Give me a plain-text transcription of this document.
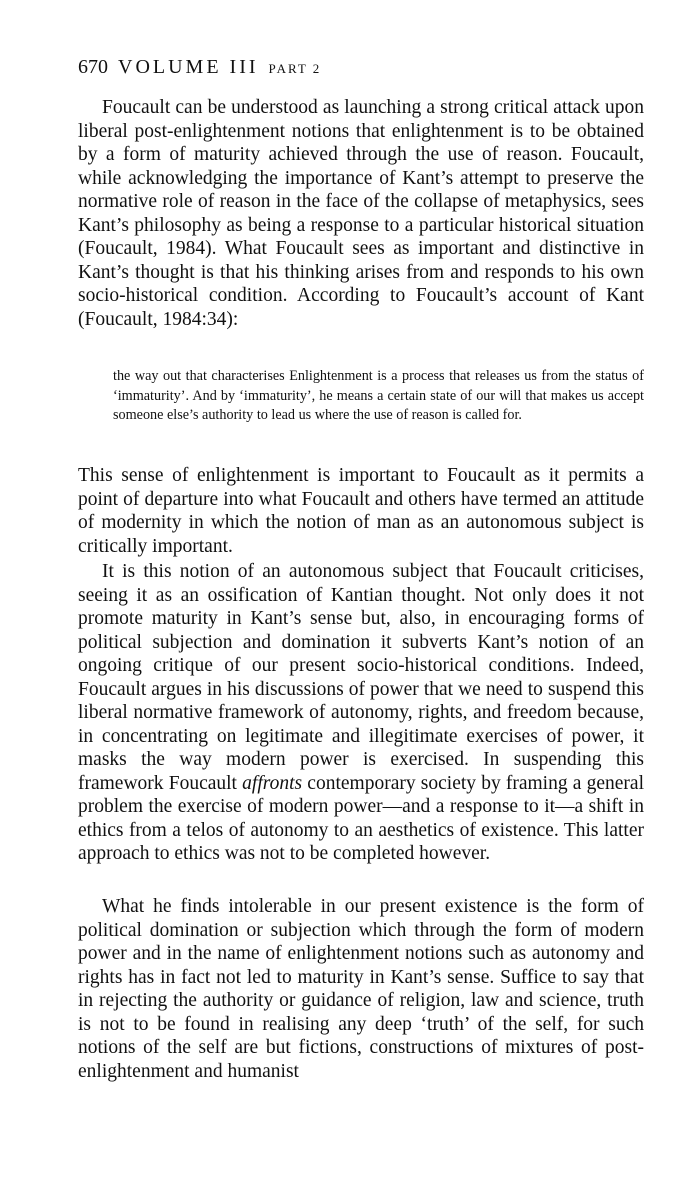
670 VOLUME III PART 2

Foucault can be understood as launching a strong critical attack upon liberal post-enlightenment notions that enlightenment is to be obtained by a form of maturity achieved through the use of reason. Foucault, while acknowledging the importance of Kant’s attempt to preserve the normative role of reason in the face of the collapse of metaphysics, sees Kant’s philosophy as being a response to a particular historical situation (Foucault, 1984). What Foucault sees as important and distinctive in Kant’s thought is that his thinking arises from and responds to his own socio-historical condition. According to Foucault’s account of Kant (Foucault, 1984:34):

the way out that characterises Enlightenment is a process that releases us from the status of ‘immaturity’. And by ‘immaturity’, he means a certain state of our will that makes us accept someone else’s authority to lead us where the use of reason is called for.

This sense of enlightenment is important to Foucault as it permits a point of departure into what Foucault and others have termed an attitude of modernity in which the notion of man as an autonomous subject is critically important.

It is this notion of an autonomous subject that Foucault criticises, seeing it as an ossification of Kantian thought. Not only does it not promote maturity in Kant’s sense but, also, in encouraging forms of political subjection and domination it subverts Kant’s notion of an ongoing critique of our present socio-historical conditions. Indeed, Foucault argues in his discussions of power that we need to suspend this liberal normative framework of autonomy, rights, and freedom because, in concentrating on legitimate and illegitimate exercises of power, it masks the way modern power is exercised. In suspending this framework Foucault affronts contemporary society by framing a general problem the exercise of modern power—and a response to it—a shift in ethics from a telos of autonomy to an aesthetics of existence. This latter approach to ethics was not to be completed however.

What he finds intolerable in our present existence is the form of political domination or subjection which through the form of modern power and in the name of enlightenment notions such as autonomy and rights has in fact not led to maturity in Kant’s sense. Suffice to say that in rejecting the authority or guidance of religion, law and science, truth is not to be found in realising any deep ‘truth’ of the self, for such notions of the self are but fictions, constructions of mixtures of post-enlightenment and humanist
